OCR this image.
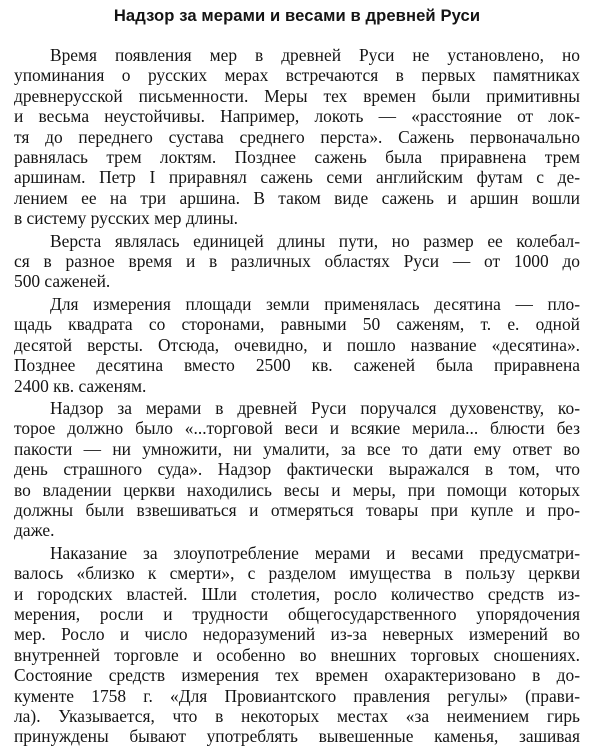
Надзор за мерами и весами в древней Руси
Время появления мер в древней Руси не установлено, но
упоминания о русских мерах встречаются в первых памятниках
древнерусской письменности. Меры тех времен были примитивны
и весьма неустойчивы. Например, локоть — «расстояние от лок-
тя до переднего сустава среднего перста». Сажень первоначально
равнялась трем локтям. Позднее сажень была приравнена трем
аршинам. Петр I приравнял сажень семи английским футам с де-
лением ее на три аршина. В таком виде сажень и аршин вошли
в систему русских мер длины.
Верста являлась единицей длины пути, но размер ее колебал-
ся в разное время и в различных областях Руси — от 1000 до
500 саженей.
Для измерения площади земли применялась десятина — пло-
щадь квадрата со сторонами, равными 50 саженям, т. е. одной
десятой версты. Отсюда, очевидно, и пошло название «десятина».
Позднее десятина вместо 2500 кв. саженей была приравнена
2400 кв. саженям.
Надзор за мерами в древней Руси поручался духовенству, ко-
торое должно было «...торговой веси и всякие мерила... блюсти без
пакости — ни умножити, ни умалити, за все то дати ему ответ во
день страшного суда». Надзор фактически выражался в том, что
во владении церкви находились весы и меры, при помощи которых
должны были взвешиваться и отмеряться товары при купле и про-
даже.
Наказание за злоупотребление мерами и весами предусматри-
валось «близко к смерти», с разделом имущества в пользу церкви
и городских властей. Шли столетия, росло количество средств из-
мерения, росли и трудности общегосударственного упорядочения
мер. Росло и число недоразумений из-за неверных измерений во
внутренней торговле и особенно во внешних торговых сношениях.
Состояние средств измерения тех времен охарактеризовано в до-
кументе 1758 г. «Для Провиантского правления регулы» (прави-
ла). Указывается, что в некоторых местах «за неимением гирь
принуждены бывают употреблять вывешенные каменья, зашивая
